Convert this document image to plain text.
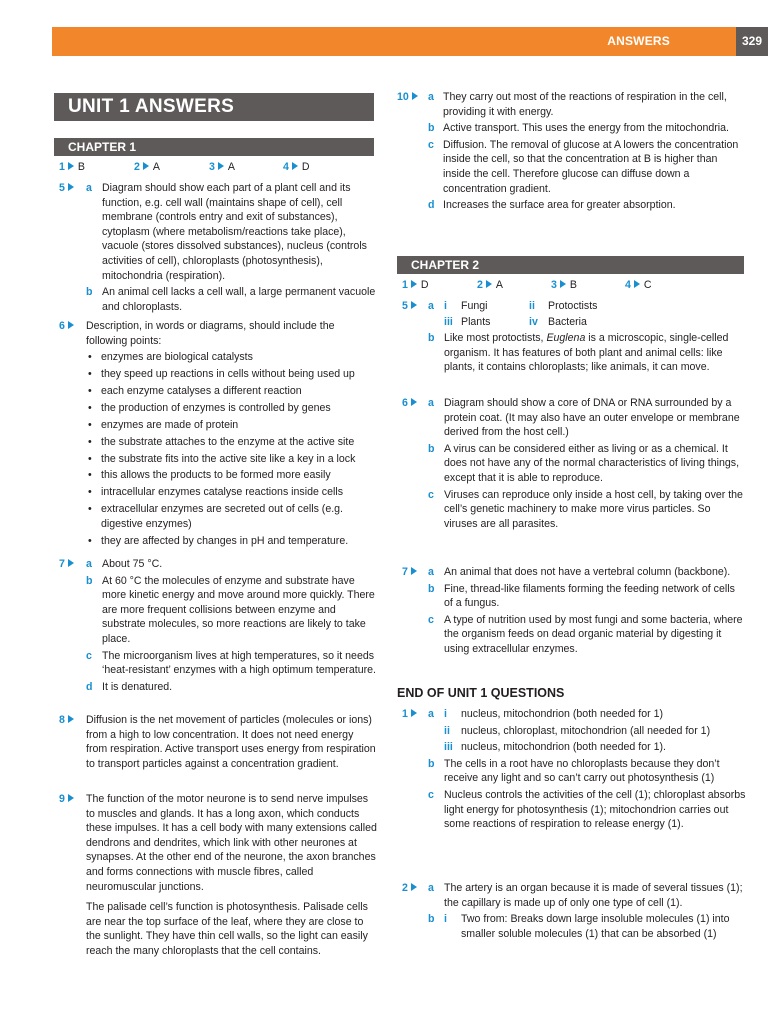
ANSWERS	329
UNIT 1 ANSWERS
CHAPTER 1
1 B	2 A	3 A	4 D
5	a Diagram should show each part of a plant cell and its function, e.g. cell wall (maintains shape of cell), cell membrane (controls entry and exit of substances), cytoplasm (where metabolism/reactions take place), vacuole (stores dissolved substances), nucleus (controls activities of cell), chloroplasts (photosynthesis), mitochondria (respiration).
b An animal cell lacks a cell wall, a large permanent vacuole and chloroplasts.
6	Description, in words or diagrams, should include the following points:
• enzymes are biological catalysts
• they speed up reactions in cells without being used up
• each enzyme catalyses a different reaction
• the production of enzymes is controlled by genes
• enzymes are made of protein
• the substrate attaches to the enzyme at the active site
• the substrate fits into the active site like a key in a lock
• this allows the products to be formed more easily
• intracellular enzymes catalyse reactions inside cells
• extracellular enzymes are secreted out of cells (e.g. digestive enzymes)
• they are affected by changes in pH and temperature.
7	a About 75 °C.
b At 60 °C the molecules of enzyme and substrate have more kinetic energy and move around more quickly. There are more frequent collisions between enzyme and substrate molecules, so more reactions are likely to take place.
c The microorganism lives at high temperatures, so it needs ‘heat-resistant’ enzymes with a high optimum temperature.
d It is denatured.
8	Diffusion is the net movement of particles (molecules or ions) from a high to low concentration. It does not need energy from respiration. Active transport uses energy from respiration to transport particles against a concentration gradient.
9	The function of the motor neurone is to send nerve impulses to muscles and glands. It has a long axon, which conducts these impulses. It has a cell body with many extensions called dendrons and dendrites, which link with other neurones at synapses. At the other end of the neurone, the axon branches and forms connections with muscle fibres, called neuromuscular junctions.
The palisade cell’s function is photosynthesis. Palisade cells are near the top surface of the leaf, where they are close to the sunlight. They have thin cell walls, so the light can easily reach the many chloroplasts that the cell contains.
10	a They carry out most of the reactions of respiration in the cell, providing it with energy.
b Active transport. This uses the energy from the mitochondria.
c Diffusion. The removal of glucose at A lowers the concentration inside the cell, so that the concentration at B is higher than inside the cell. Therefore glucose can diffuse down a concentration gradient.
d Increases the surface area for greater absorption.
CHAPTER 2
1 D	2 A	3 B	4 C
5	a i	Fungi	ii	Protoctists
iii Plants	iv Bacteria
b Like most protoctists, Euglena is a microscopic, single-celled organism. It has features of both plant and animal cells: like plants, it contains chloroplasts; like animals, it can move.
6	a Diagram should show a core of DNA or RNA surrounded by a protein coat. (It may also have an outer envelope or membrane derived from the host cell.)
b A virus can be considered either as living or as a chemical. It does not have any of the normal characteristics of living things, except that it is able to reproduce.
c Viruses can reproduce only inside a host cell, by taking over the cell’s genetic machinery to make more virus particles. So viruses are all parasites.
7	a An animal that does not have a vertebral column (backbone).
b Fine, thread-like filaments forming the feeding network of cells of a fungus.
c A type of nutrition used by most fungi and some bacteria, where the organism feeds on dead organic material by digesting it using extracellular enzymes.
END OF UNIT 1 QUESTIONS
1	a i	nucleus, mitochondrion (both needed for 1)
ii	nucleus, chloroplast, mitochondrion (all needed for 1)
iii nucleus, mitochondrion (both needed for 1).
b The cells in a root have no chloroplasts because they don’t receive any light and so can’t carry out photosynthesis (1)
c Nucleus controls the activities of the cell (1); chloroplast absorbs light energy for photosynthesis (1); mitochondrion carries out some reactions of respiration to release energy (1).
2	a The artery is an organ because it is made of several tissues (1); the capillary is made up of only one type of cell (1).
b i	Two from: Breaks down large insoluble molecules (1) into smaller soluble molecules (1) that can be absorbed (1)
